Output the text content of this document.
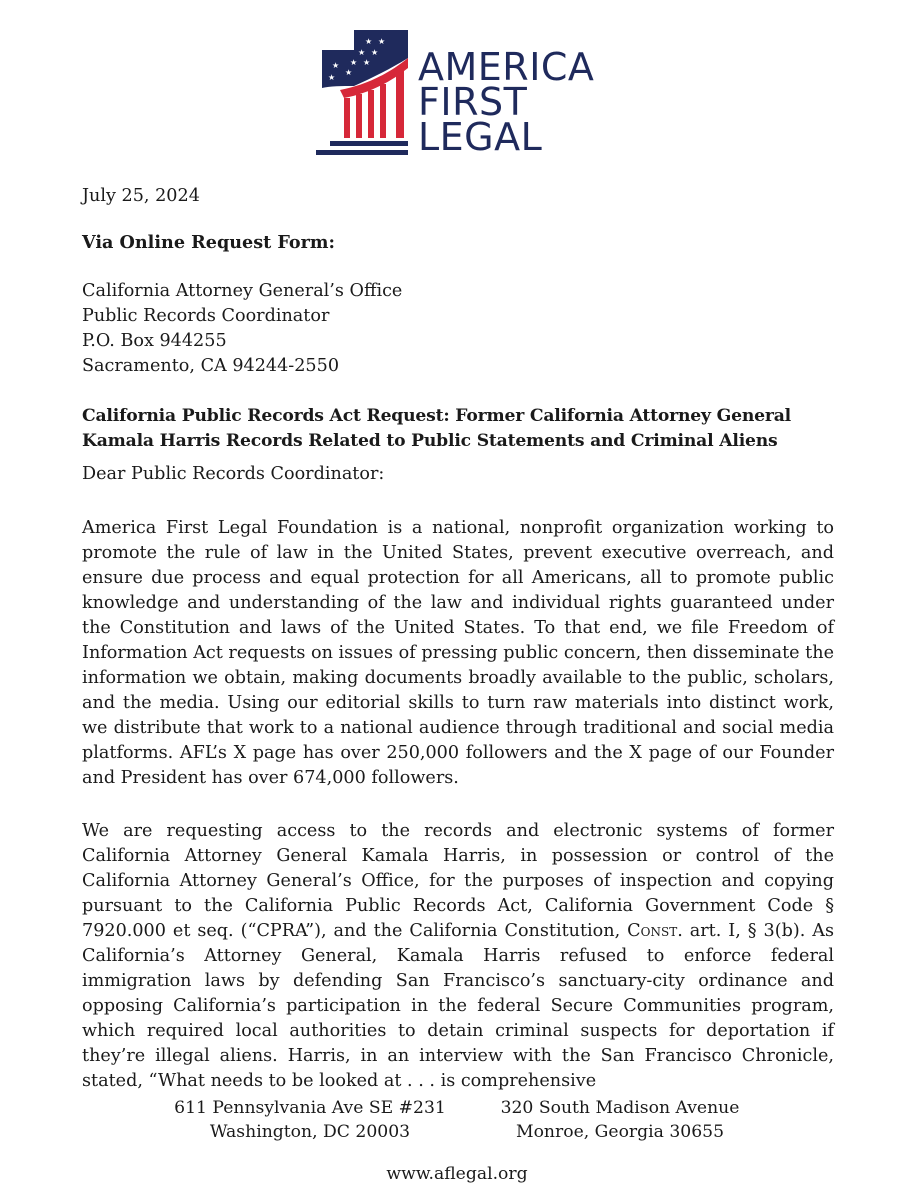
★ ★
★ ★
★ ★
★
★
★ AMERICA
FIRST
LEGAL
July 25, 2024
Via Online Request Form:
California Attorney General’s Office
Public Records Coordinator
P.O. Box 944255
Sacramento, CA 94244-2550
California Public Records Act Request: Former California Attorney General
Kamala Harris Records Related to Public Statements and Criminal Aliens
Dear Public Records Coordinator:
America First Legal Foundation is a national, nonprofit organization working to promote the rule of law in the United States, prevent executive overreach, and ensure due process and equal protection for all Americans, all to promote public knowledge and understanding of the law and individual rights guaranteed under the Constitution and laws of the United States. To that end, we file Freedom of Information Act requests on issues of pressing public concern, then disseminate the information we obtain, making documents broadly available to the public, scholars, and the media. Using our editorial skills to turn raw materials into distinct work, we distribute that work to a national audience through traditional and social media platforms. AFL’s X page has over 250,000 followers and the X page of our Founder and President has over 674,000 followers.
We are requesting access to the records and electronic systems of former California Attorney General Kamala Harris, in possession or control of the California Attorney General’s Office, for the purposes of inspection and copying pursuant to the California Public Records Act, California Government Code § 7920.000 et seq. (“CPRA”), and the California Constitution, Const. art. I, § 3(b). As California’s Attorney General, Kamala Harris refused to enforce federal immigration laws by defending San Francisco’s sanctuary-city ordinance and opposing California’s participation in the federal Secure Communities program, which required local authorities to detain criminal suspects for deportation if they’re illegal aliens. Harris, in an interview with the San Francisco Chronicle, stated, “What needs to be looked at . . . is comprehensive
611 Pennsylvania Ave SE #231
Washington, DC 20003
320 South Madison Avenue
Monroe, Georgia 30655
www.aflegal.org
